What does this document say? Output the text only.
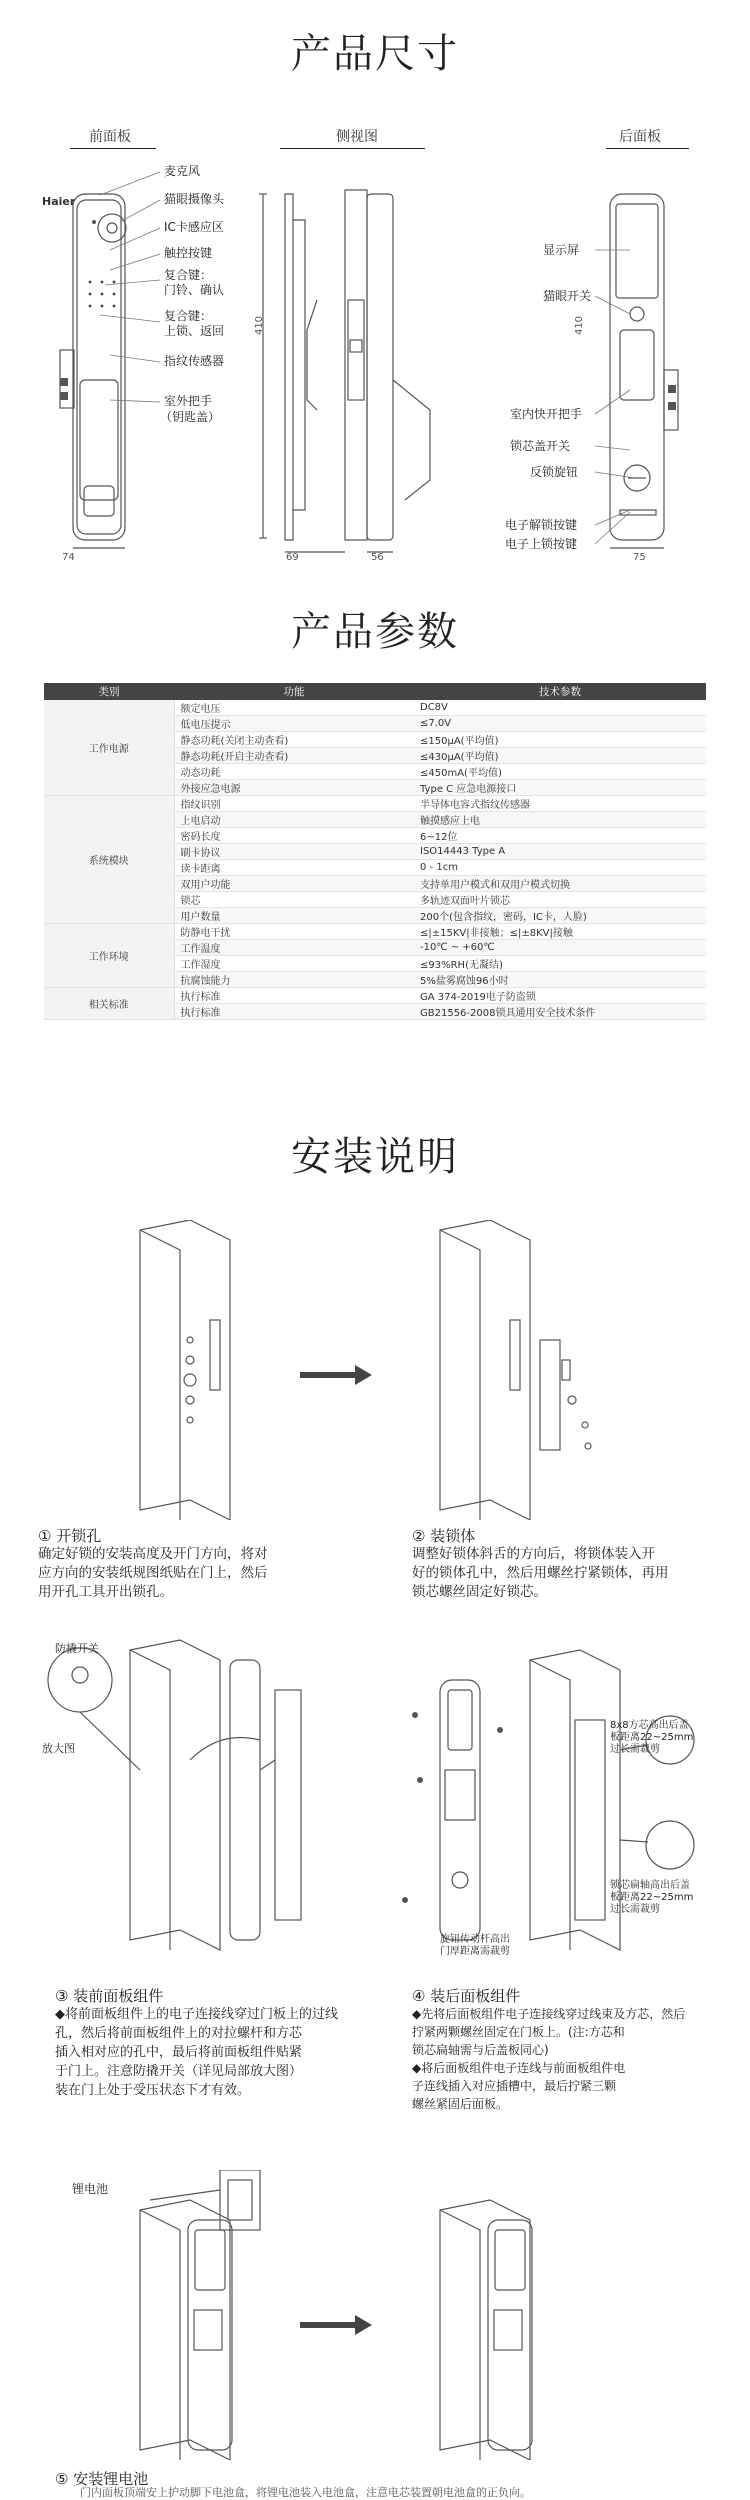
产品尺寸
前面板	侧视图	后面板
Haier
74
麦克风
猫眼摄像头
IC卡感应区
触控按键
复合键：
门铃、确认
复合键：
上锁、返回
指纹传感器
室外把手
（钥匙盖）
410
69	56
410
75
显示屏
猫眼开关
室内快开把手
锁芯盖开关
反锁旋钮
电子解锁按键
电子上锁按键
产品参数
类别	功能	技术参数
工作电源	额定电压	DC8V
	低电压提示	≤7.0V
	静态功耗(关闭主动查看)	≤150μA(平均值)
	静态功耗(开启主动查看)	≤430μA(平均值)
	动态功耗	≤450mA(平均值)
	外接应急电源	Type C 应急电源接口
系统模块	指纹识别	半导体电容式指纹传感器
	上电启动	触摸感应上电
	密码长度	6~12位
	刷卡协议	ISO14443 Type A
	读卡距离	0 - 1cm
	双用户功能	支持单用户模式和双用户模式切换
	锁芯	多轨迹双面叶片锁芯
	用户数量	200个(包含指纹，密码，IC卡，人脸)
工作环境	防静电干扰	≤|±15KV|非接触；≤|±8KV|接触
	工作温度	-10℃ ~ +60℃
	工作湿度	≤93%RH(无凝结)
	抗腐蚀能力	5%盐雾腐蚀96小时
相关标准	执行标准	GA 374-2019电子防盗锁
	执行标准	GB21556-2008锁具通用安全技术条件
安装说明
① 开锁孔
确定好锁的安装高度及开门方向，将对
应方向的安装纸规图纸贴在门上，然后
用开孔工具开出锁孔。
② 装锁体
调整好锁体斜舌的方向后，将锁体装入开
好的锁体孔中，然后用螺丝拧紧锁体，再用
锁芯螺丝固定好锁芯。
防撬开关
放大图
8x8方芯高出后盖
板距离22~25mm
过长需裁剪
锁芯扁轴高出后盖
板距离22~25mm
过长需裁剪
旋钮传动杆高出
门厚距离需裁剪
③ 装前面板组件
◆将前面板组件上的电子连接线穿过门板上的过线
孔，然后将前面板组件上的对拉螺杆和方芯
插入相对应的孔中，最后将前面板组件贴紧
于门上。注意防撬开关（详见局部放大图）
装在门上处于受压状态下才有效。
④ 装后面板组件
◆先将后面板组件电子连接线穿过线束及方芯，然后
拧紧两颗螺丝固定在门板上。(注:方芯和
锁芯扁轴需与后盖板同心)
◆将后面板组件电子连线与前面板组件电
子连线插入对应插槽中，最后拧紧三颗
螺丝紧固后面板。
锂电池
⑤ 安装锂电池
门内面板顶端安上护动脚下电池盒，将锂电池装入电池盒，注意电芯装置朝电池盒的正负向。
